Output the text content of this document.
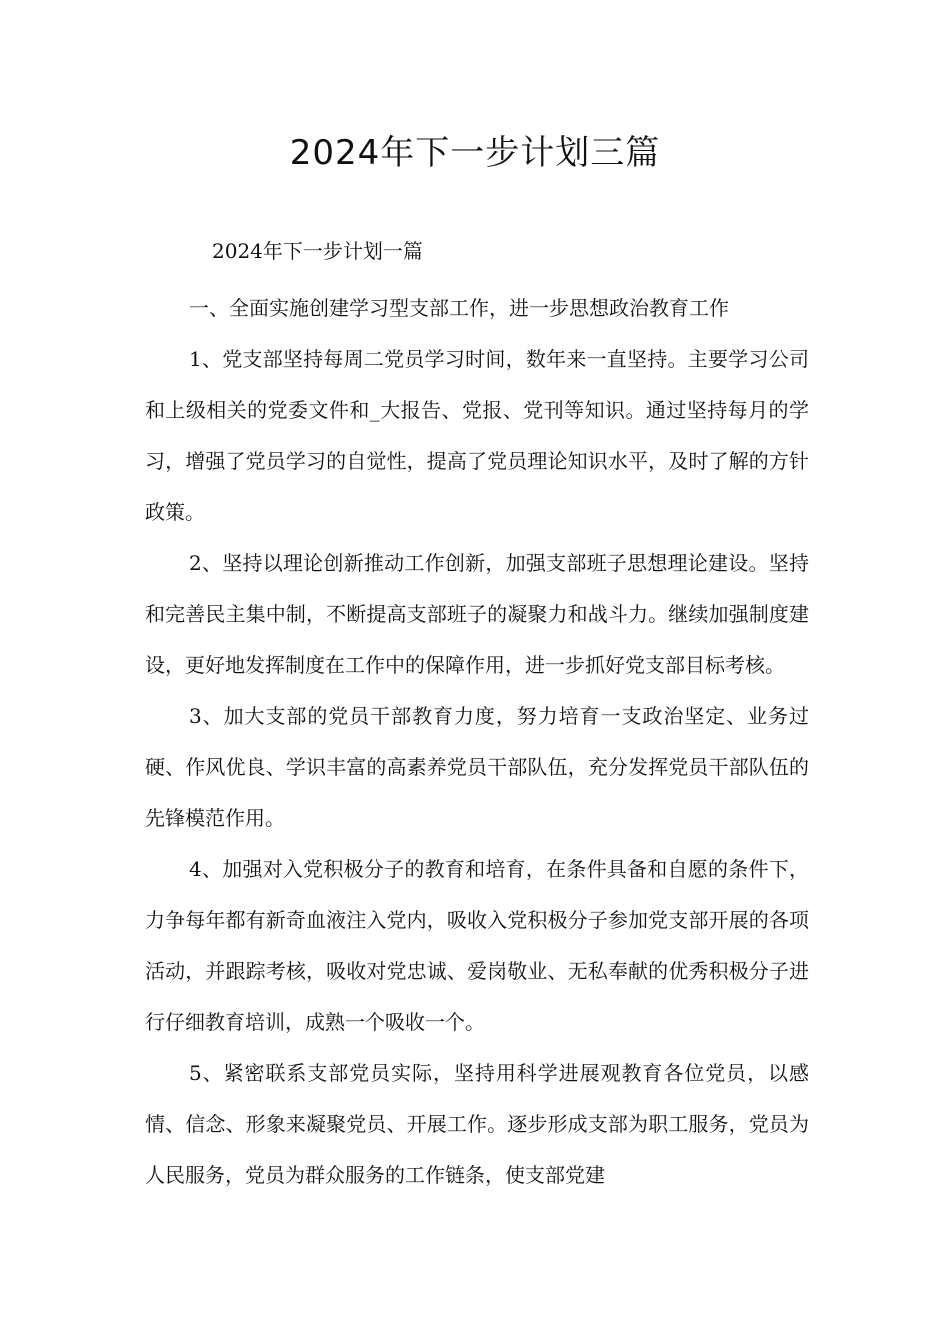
2024年下一步计划三篇

2024年下一步计划一篇

一、全面实施创建学习型支部工作，进一步思想政治教育工作

1、党支部坚持每周二党员学习时间，数年来一直坚持。主要学习公司和上级相关的党委文件和_大报告、党报、党刊等知识。通过坚持每月的学习，增强了党员学习的自觉性，提高了党员理论知识水平，及时了解的方针政策。

2、坚持以理论创新推动工作创新，加强支部班子思想理论建设。坚持和完善民主集中制，不断提高支部班子的凝聚力和战斗力。继续加强制度建设，更好地发挥制度在工作中的保障作用，进一步抓好党支部目标考核。

3、加大支部的党员干部教育力度，努力培育一支政治坚定、业务过硬、作风优良、学识丰富的高素养党员干部队伍，充分发挥党员干部队伍的先锋模范作用。

4、加强对入党积极分子的教育和培育，在条件具备和自愿的条件下，力争每年都有新奇血液注入党内，吸收入党积极分子参加党支部开展的各项活动，并跟踪考核，吸收对党忠诚、爱岗敬业、无私奉献的优秀积极分子进行仔细教育培训，成熟一个吸收一个。

5、紧密联系支部党员实际，坚持用科学进展观教育各位党员，以感情、信念、形象来凝聚党员、开展工作。逐步形成支部为职工服务，党员为人民服务，党员为群众服务的工作链条，使支部党建
